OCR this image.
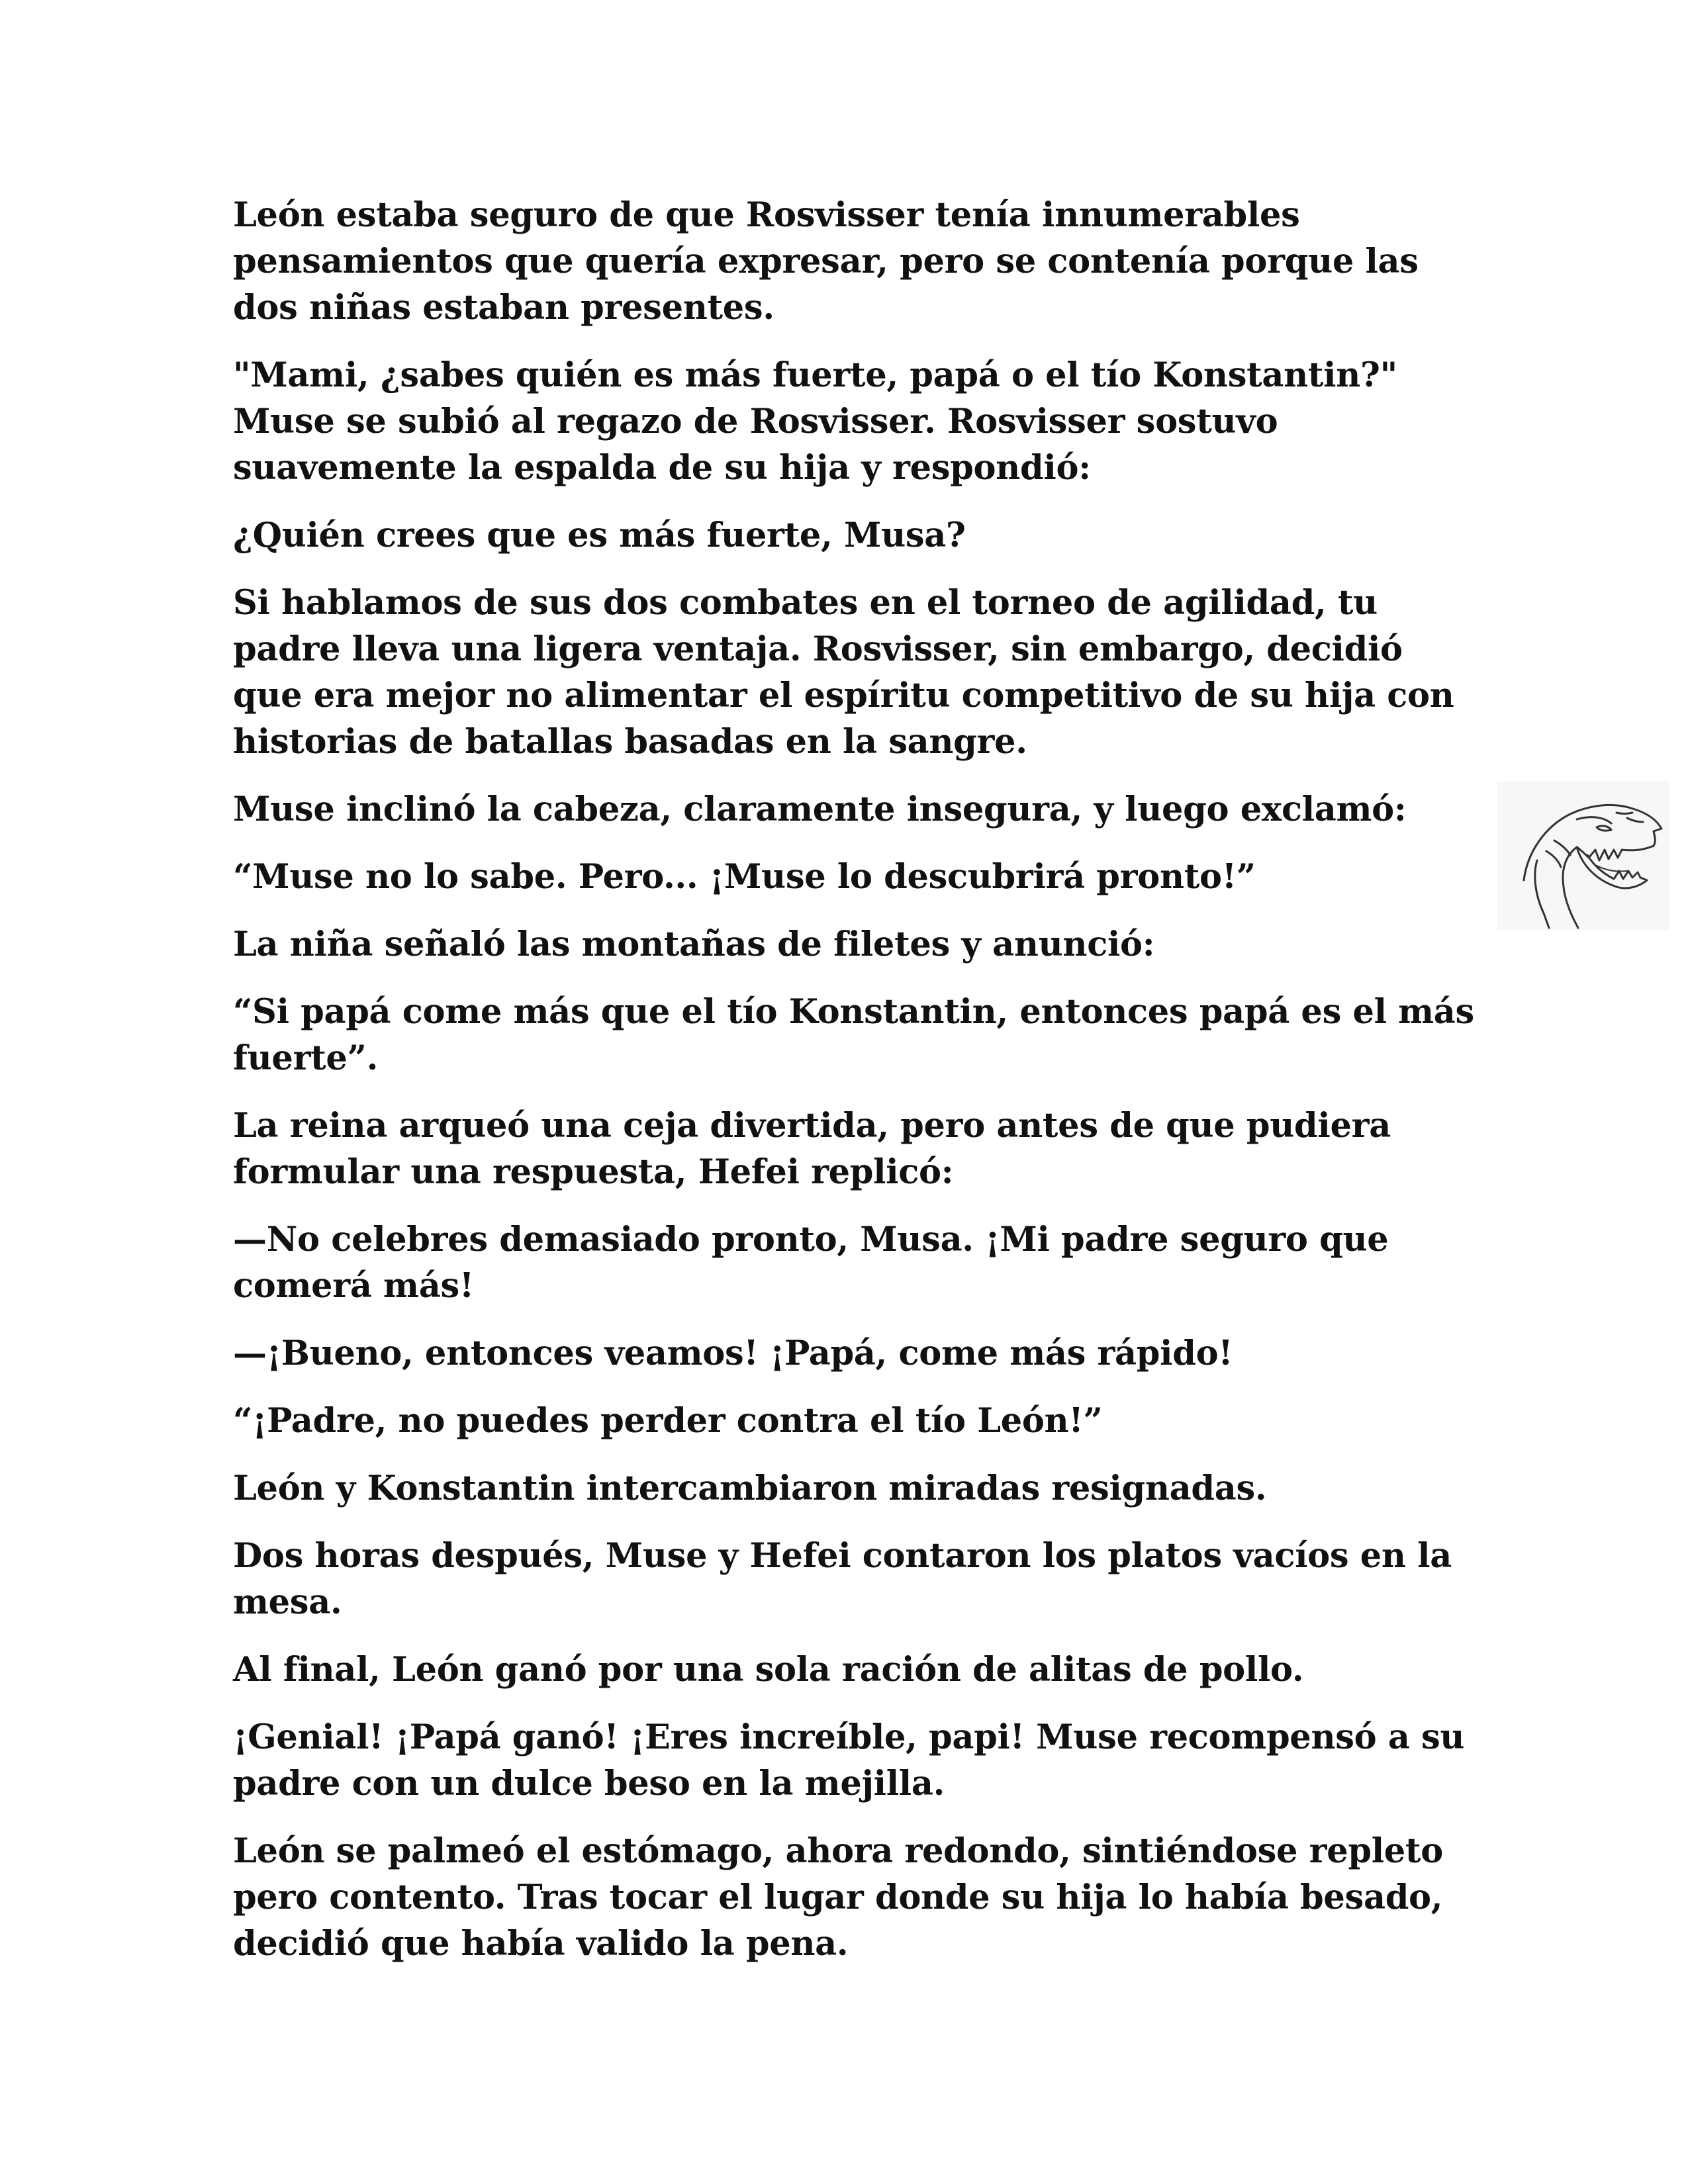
León estaba seguro de que Rosvisser tenía innumerables pensamientos que quería expresar, pero se contenía porque las dos niñas estaban presentes.

"Mami, ¿sabes quién es más fuerte, papá o el tío Konstantin?" Muse se subió al regazo de Rosvisser. Rosvisser sostuvo suavemente la espalda de su hija y respondió:

¿Quién crees que es más fuerte, Musa?

Si hablamos de sus dos combates en el torneo de agilidad, tu padre lleva una ligera ventaja. Rosvisser, sin embargo, decidió que era mejor no alimentar el espíritu competitivo de su hija con historias de batallas basadas en la sangre.

Muse inclinó la cabeza, claramente insegura, y luego exclamó:

“Muse no lo sabe. Pero... ¡Muse lo descubrirá pronto!”

La niña señaló las montañas de filetes y anunció:

“Si papá come más que el tío Konstantin, entonces papá es el más fuerte”.

La reina arqueó una ceja divertida, pero antes de que pudiera formular una respuesta, Hefei replicó:

—No celebres demasiado pronto, Musa. ¡Mi padre seguro que comerá más!

—¡Bueno, entonces veamos! ¡Papá, come más rápido!

“¡Padre, no puedes perder contra el tío León!”

León y Konstantin intercambiaron miradas resignadas.

Dos horas después, Muse y Hefei contaron los platos vacíos en la mesa.

Al final, León ganó por una sola ración de alitas de pollo.

¡Genial! ¡Papá ganó! ¡Eres increíble, papi! Muse recompensó a su padre con un dulce beso en la mejilla.

León se palmeó el estómago, ahora redondo, sintiéndose repleto pero contento. Tras tocar el lugar donde su hija lo había besado, decidió que había valido la pena.
